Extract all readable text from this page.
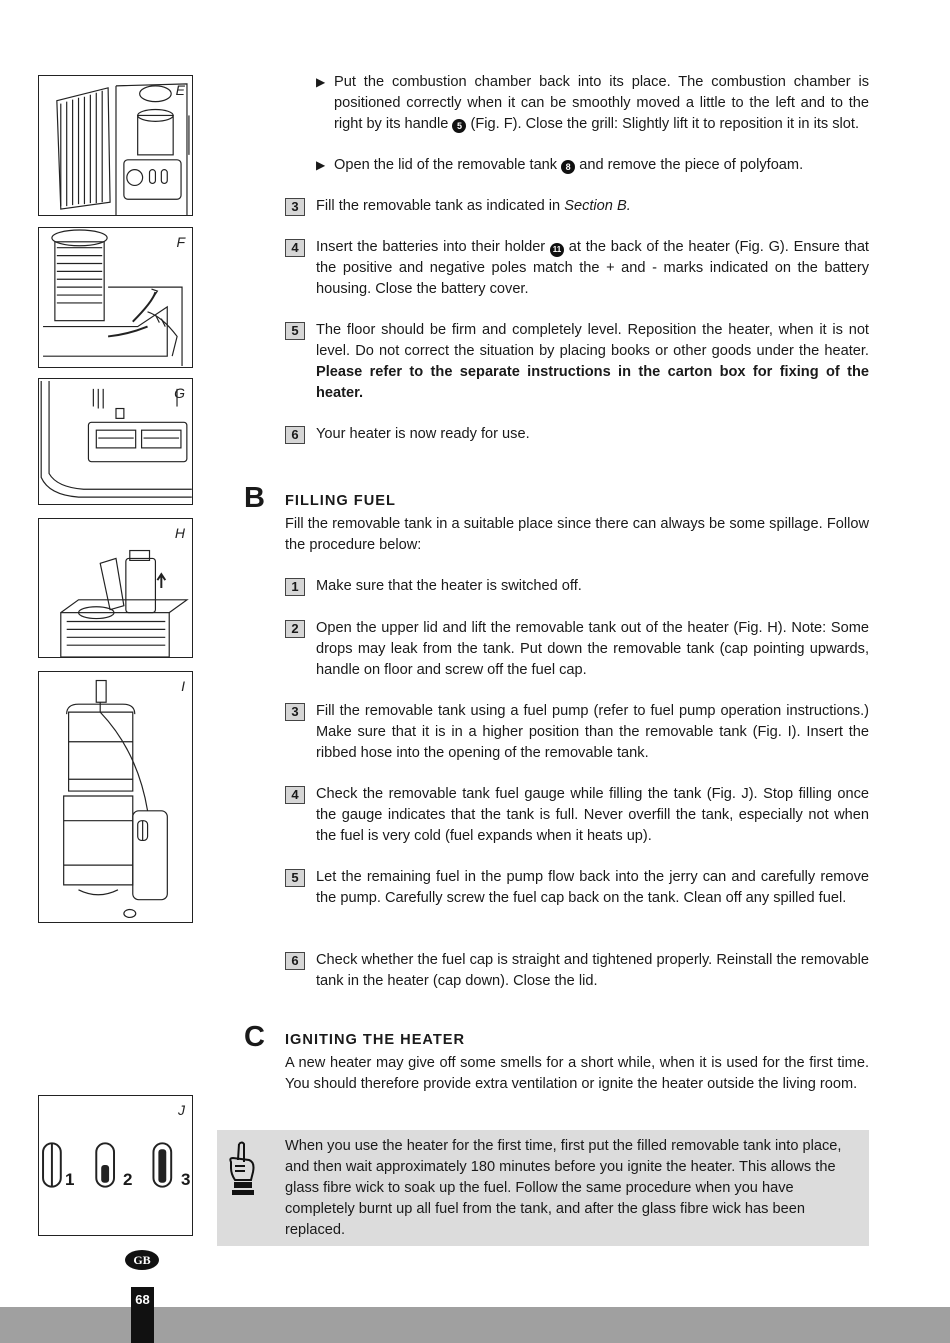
E
F
G
H
I
J
1	2	3
▶ Put the combustion chamber back into its place. The combustion chamber is positioned correctly when it can be smoothly moved a little to the left and to the right by its handle 5 (Fig. F). Close the grill: Slightly lift it to reposition it in its slot.
▶ Open the lid of the removable tank 8 and remove the piece of polyfoam.
3	Fill the removable tank as indicated in Section B.
4	Insert the batteries into their holder 11 at the back of the heater (Fig. G). Ensure that the positive and negative poles match the + and - marks indicated on the battery housing. Close the battery cover.
5	The floor should be firm and completely level. Reposition the heater, when it is not level. Do not correct the situation by placing books or other goods under the heater. Please refer to the separate instructions in the carton box for fixing of the heater.
6	Your heater is now ready for use.
B FILLING FUEL
Fill the removable tank in a suitable place since there can always be some spillage. Follow the procedure below:
1	Make sure that the heater is switched off.
2	Open the upper lid and lift the removable tank out of the heater (Fig. H). Note: Some drops may leak from the tank. Put down the removable tank (cap pointing upwards, handle on floor and screw off the fuel cap.
3	Fill the removable tank using a fuel pump (refer to fuel pump operation instructions.) Make sure that it is in a higher position than the removable tank (Fig. I). Insert the ribbed hose into the opening of the removable tank.
4	Check the removable tank fuel gauge while filling the tank (Fig. J). Stop filling once the gauge indicates that the tank is full. Never overfill the tank, especially not when the fuel is very cold (fuel expands when it heats up).
5	Let the remaining fuel in the pump flow back into the jerry can and carefully remove the pump. Carefully screw the fuel cap back on the tank. Clean off any spilled fuel.
6	Check whether the fuel cap is straight and tightened properly. Reinstall the removable tank in the heater (cap down). Close the lid.
C IGNITING THE HEATER
A new heater may give off some smells for a short while, when it is used for the first time. You should therefore provide extra ventilation or ignite the heater outside the living room.
When you use the heater for the first time, first put the filled removable tank into place, and then wait approximately 180 minutes before you ignite the heater. This allows the glass fibre wick to soak up the fuel. Follow the same procedure when you have completely burnt up all fuel from the tank, and after the glass fibre wick has been replaced.
GB
68
